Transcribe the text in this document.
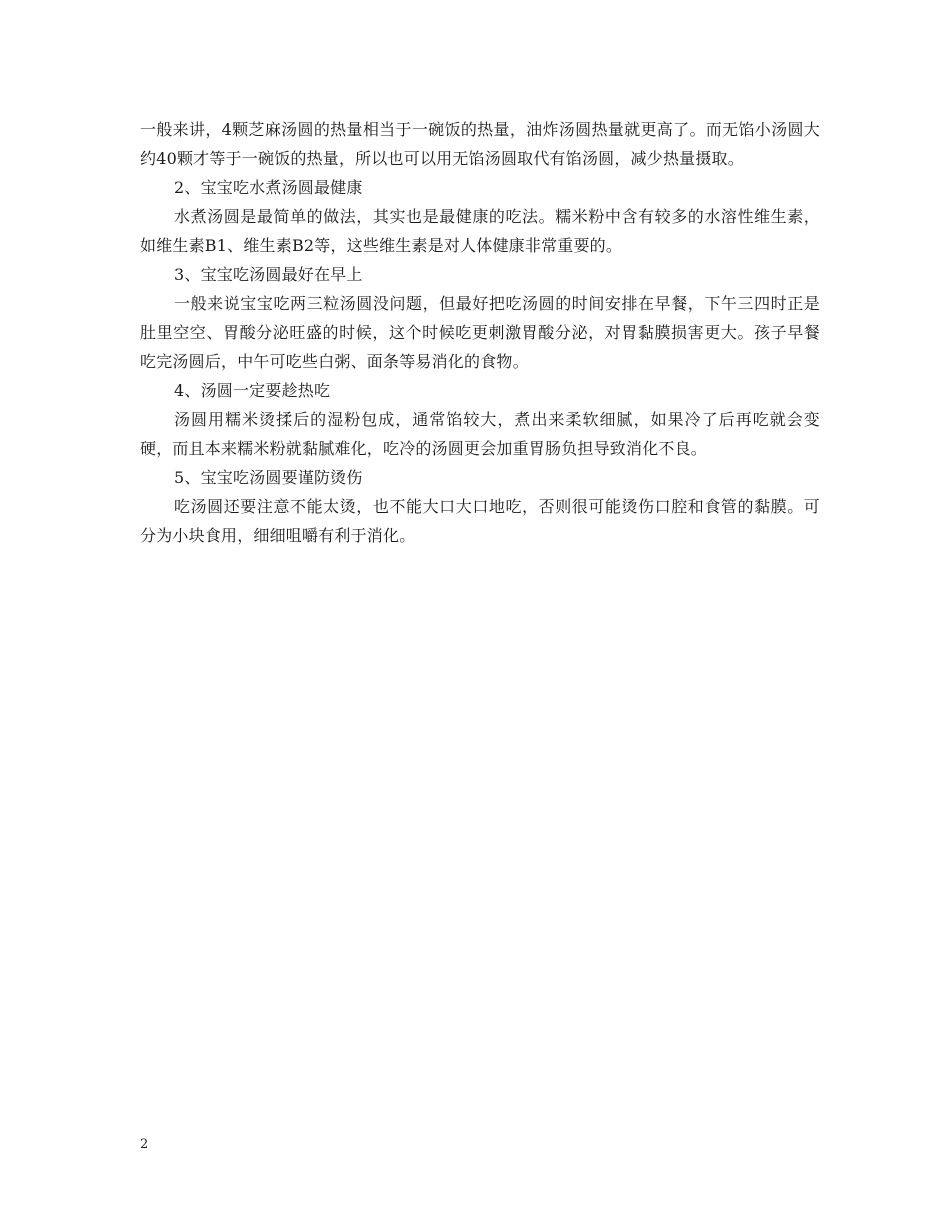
一般来讲，4颗芝麻汤圆的热量相当于一碗饭的热量，油炸汤圆热量就更高了。而无馅小汤圆大约40颗才等于一碗饭的热量，所以也可以用无馅汤圆取代有馅汤圆，减少热量摄取。

2、宝宝吃水煮汤圆最健康

水煮汤圆是最简单的做法，其实也是最健康的吃法。糯米粉中含有较多的水溶性维生素，如维生素B1、维生素B2等，这些维生素是对人体健康非常重要的。

3、宝宝吃汤圆最好在早上

一般来说宝宝吃两三粒汤圆没问题，但最好把吃汤圆的时间安排在早餐，下午三四时正是肚里空空、胃酸分泌旺盛的时候，这个时候吃更刺激胃酸分泌，对胃黏膜损害更大。孩子早餐吃完汤圆后，中午可吃些白粥、面条等易消化的食物。

4、汤圆一定要趁热吃

汤圆用糯米烫揉后的湿粉包成，通常馅较大，煮出来柔软细腻，如果冷了后再吃就会变硬，而且本来糯米粉就黏腻难化，吃冷的汤圆更会加重胃肠负担导致消化不良。

5、宝宝吃汤圆要谨防烫伤

吃汤圆还要注意不能太烫，也不能大口大口地吃，否则很可能烫伤口腔和食管的黏膜。可分为小块食用，细细咀嚼有利于消化。

2
